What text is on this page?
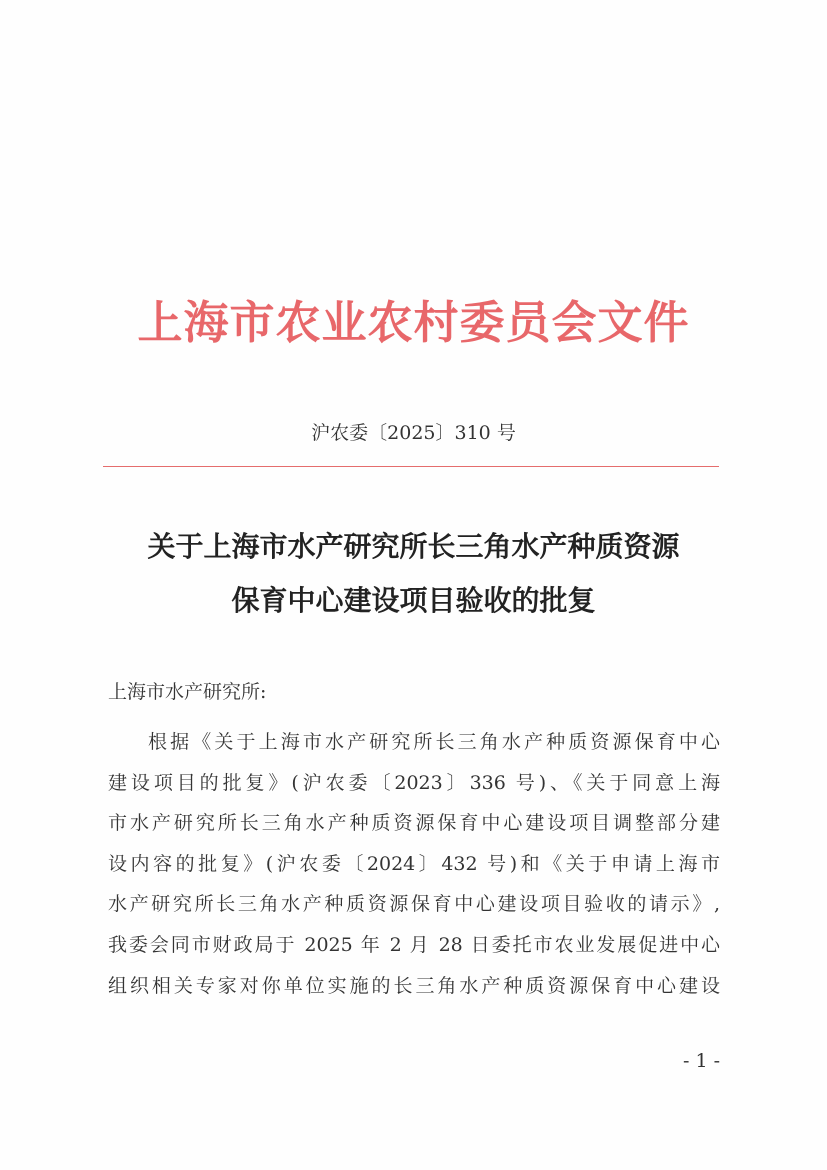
上海市农业农村委员会文件
沪农委〔2025〕310 号
关于上海市水产研究所长三角水产种质资源
保育中心建设项目验收的批复
上海市水产研究所:
根据《关于上海市水产研究所长三角水产种质资源保育中心
建设项目的批复》(沪农委〔2023〕336 号)、《关于同意上海
市水产研究所长三角水产种质资源保育中心建设项目调整部分建
设内容的批复》(沪农委〔2024〕432 号)和《关于申请上海市
水产研究所长三角水产种质资源保育中心建设项目验收的请示》,
我委会同市财政局于 2025 年 2 月 28 日委托市农业发展促进中心
组织相关专家对你单位实施的长三角水产种质资源保育中心建设
- 1 -
